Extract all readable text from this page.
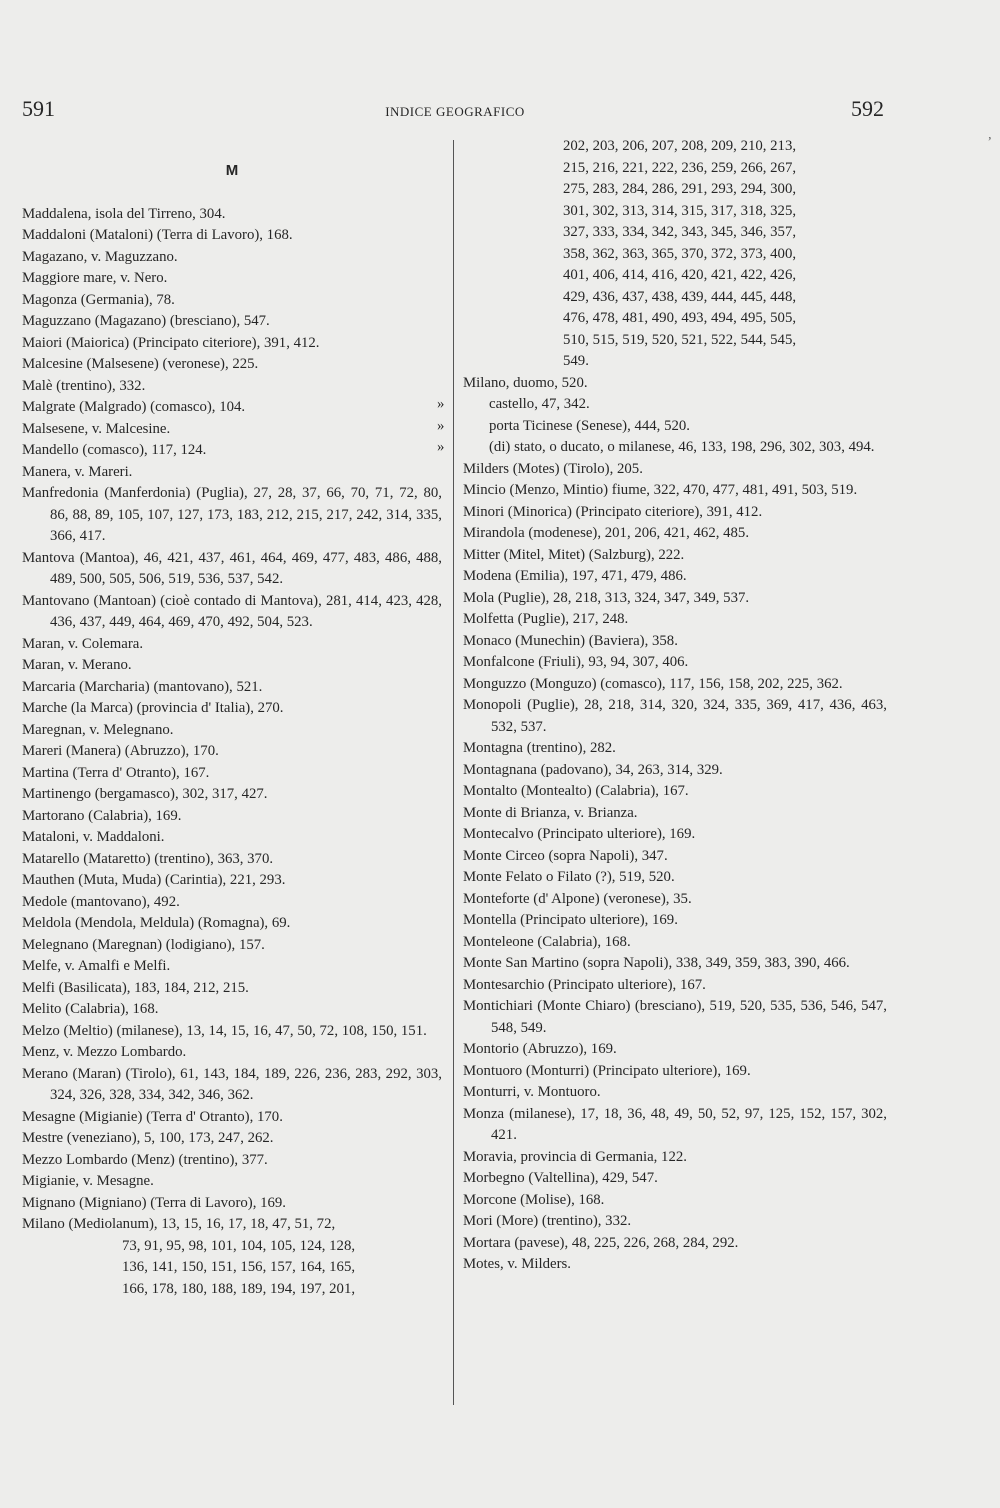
591	INDICE GEOGRAFICO	592
’
M
Maddalena, isola del Tirreno, 304.
Maddaloni (Mataloni) (Terra di Lavoro), 168.
Magazano, v. Maguzzano.
Maggiore mare, v. Nero.
Magonza (Germania), 78.
Maguzzano (Magazano) (bresciano), 547.
Maiori (Maiorica) (Principato citeriore), 391, 412.
Malcesine (Malsesene) (veronese), 225.
Malè (trentino), 332.
Malgrate (Malgrado) (comasco), 104.
Malsesene, v. Malcesine.
Mandello (comasco), 117, 124.
Manera, v. Mareri.
Manfredonia (Manferdonia) (Puglia), 27, 28, 37, 66, 70, 71, 72, 80, 86, 88, 89, 105, 107, 127, 173, 183, 212, 215, 217, 242, 314, 335, 366, 417.
Mantova (Mantoa), 46, 421, 437, 461, 464, 469, 477, 483, 486, 488, 489, 500, 505, 506, 519, 536, 537, 542.
Mantovano (Mantoan) (cioè contado di Mantova), 281, 414, 423, 428, 436, 437, 449, 464, 469, 470, 492, 504, 523.
Maran, v. Colemara.
Maran, v. Merano.
Marcaria (Marcharia) (mantovano), 521.
Marche (la Marca) (provincia d' Italia), 270.
Maregnan, v. Melegnano.
Mareri (Manera) (Abruzzo), 170.
Martina (Terra d' Otranto), 167.
Martinengo (bergamasco), 302, 317, 427.
Martorano (Calabria), 169.
Mataloni, v. Maddaloni.
Matarello (Mataretto) (trentino), 363, 370.
Mauthen (Muta, Muda) (Carintia), 221, 293.
Medole (mantovano), 492.
Meldola (Mendola, Meldula) (Romagna), 69.
Melegnano (Maregnan) (lodigiano), 157.
Melfe, v. Amalfi e Melfi.
Melfi (Basilicata), 183, 184, 212, 215.
Melito (Calabria), 168.
Melzo (Meltio) (milanese), 13, 14, 15, 16, 47, 50, 72, 108, 150, 151.
Menz, v. Mezzo Lombardo.
Merano (Maran) (Tirolo), 61, 143, 184, 189, 226, 236, 283, 292, 303, 324, 326, 328, 334, 342, 346, 362.
Mesagne (Migianie) (Terra d' Otranto), 170.
Mestre (veneziano), 5, 100, 173, 247, 262.
Mezzo Lombardo (Menz) (trentino), 377.
Migianie, v. Mesagne.
Mignano (Migniano) (Terra di Lavoro), 169.
Milano (Mediolanum), 13, 15, 16, 17, 18, 47, 51, 72,
73, 91, 95, 98, 101, 104, 105, 124, 128,
136, 141, 150, 151, 156, 157, 164, 165,
166, 178, 180, 188, 189, 194, 197, 201,
202, 203, 206, 207, 208, 209, 210, 213,
215, 216, 221, 222, 236, 259, 266, 267,
275, 283, 284, 286, 291, 293, 294, 300,
301, 302, 313, 314, 315, 317, 318, 325,
327, 333, 334, 342, 343, 345, 346, 357,
358, 362, 363, 365, 370, 372, 373, 400,
401, 406, 414, 416, 420, 421, 422, 426,
429, 436, 437, 438, 439, 444, 445, 448,
476, 478, 481, 490, 493, 494, 495, 505,
510, 515, 519, 520, 521, 522, 544, 545,
549.
Milano, duomo, 520.
»	castello, 47, 342.
»	porta Ticinese (Senese), 444, 520.
»	(di) stato, o ducato, o milanese, 46, 133, 198, 296, 302, 303, 494.
Milders (Motes) (Tirolo), 205.
Mincio (Menzo, Mintio) fiume, 322, 470, 477, 481, 491, 503, 519.
Minori (Minorica) (Principato citeriore), 391, 412.
Mirandola (modenese), 201, 206, 421, 462, 485.
Mitter (Mitel, Mitet) (Salzburg), 222.
Modena (Emilia), 197, 471, 479, 486.
Mola (Puglie), 28, 218, 313, 324, 347, 349, 537.
Molfetta (Puglie), 217, 248.
Monaco (Munechin) (Baviera), 358.
Monfalcone (Friuli), 93, 94, 307, 406.
Monguzzo (Monguzo) (comasco), 117, 156, 158, 202, 225, 362.
Monopoli (Puglie), 28, 218, 314, 320, 324, 335, 369, 417, 436, 463, 532, 537.
Montagna (trentino), 282.
Montagnana (padovano), 34, 263, 314, 329.
Montalto (Montealto) (Calabria), 167.
Monte di Brianza, v. Brianza.
Montecalvo (Principato ulteriore), 169.
Monte Circeo (sopra Napoli), 347.
Monte Felato o Filato (?), 519, 520.
Monteforte (d' Alpone) (veronese), 35.
Montella (Principato ulteriore), 169.
Monteleone (Calabria), 168.
Monte San Martino (sopra Napoli), 338, 349, 359, 383, 390, 466.
Montesarchio (Principato ulteriore), 167.
Montichiari (Monte Chiaro) (bresciano), 519, 520, 535, 536, 546, 547, 548, 549.
Montorio (Abruzzo), 169.
Montuoro (Monturri) (Principato ulteriore), 169.
Monturri, v. Montuoro.
Monza (milanese), 17, 18, 36, 48, 49, 50, 52, 97, 125, 152, 157, 302, 421.
Moravia, provincia di Germania, 122.
Morbegno (Valtellina), 429, 547.
Morcone (Molise), 168.
Mori (More) (trentino), 332.
Mortara (pavese), 48, 225, 226, 268, 284, 292.
Motes, v. Milders.
